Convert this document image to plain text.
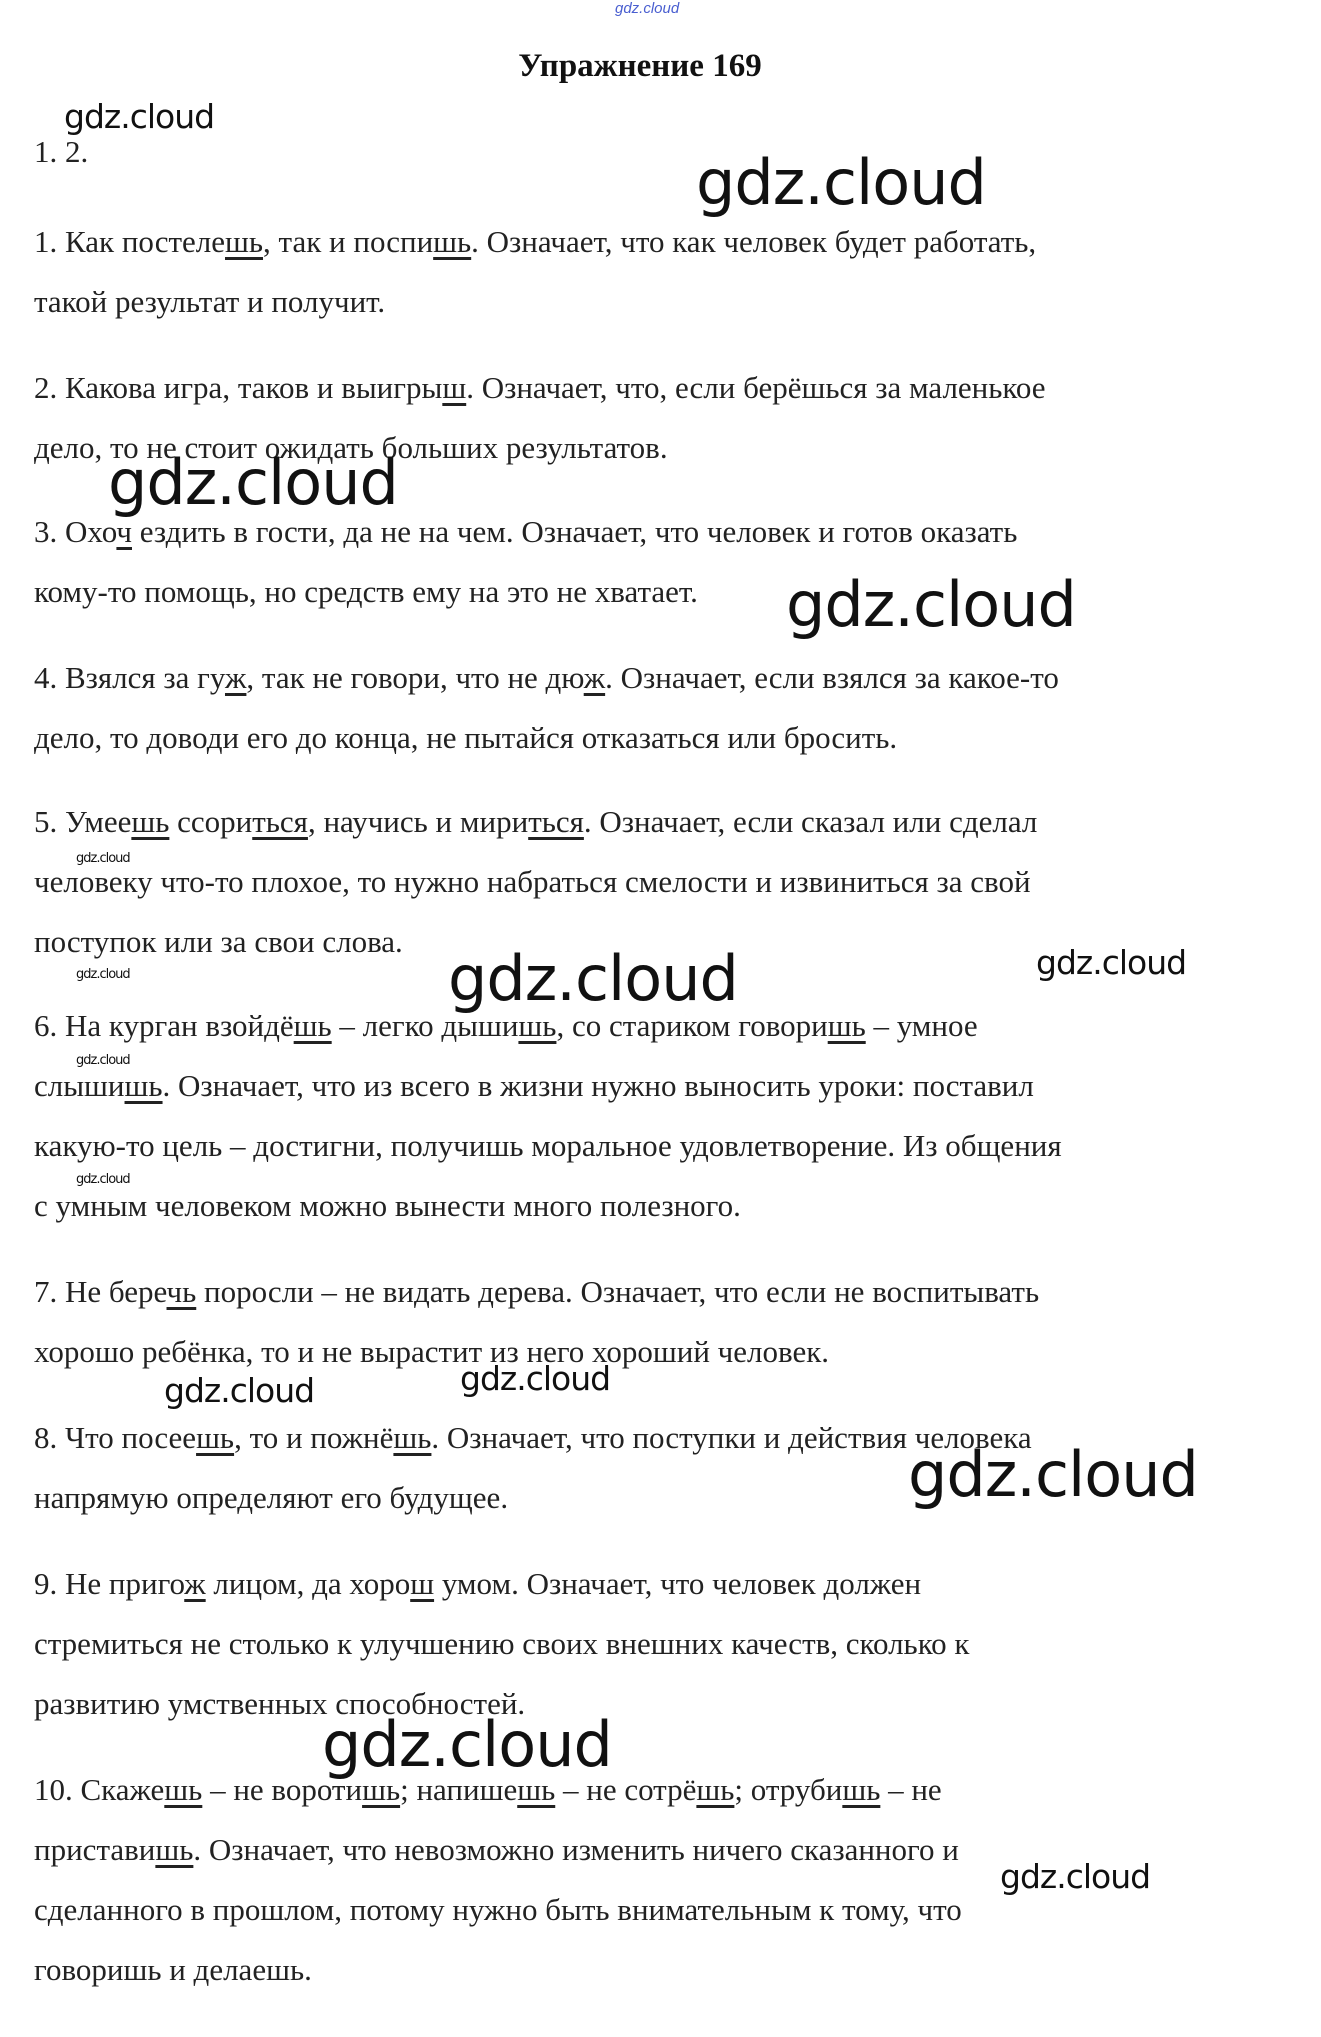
gdz.cloud
Упражнение 169
1. 2.

1. Как постелешь, так и поспишь. Означает, что как человек будет работать,

такой результат и получит.

2. Какова игра, таков и выигрыш. Означает, что, если берёшься за маленькое

дело, то не стоит ожидать больших результатов.

3. Охоч ездить в гости, да не на чем. Означает, что человек и готов оказать

кому-то помощь, но средств ему на это не хватает.

4. Взялся за гуж, так не говори, что не дюж. Означает, если взялся за какое-то

дело, то доводи его до конца, не пытайся отказаться или бросить.

5. Умеешь ссориться, научись и мириться. Означает, если сказал или сделал

человеку что-то плохое, то нужно набраться смелости и извиниться за свой

поступок или за свои слова.

6. На курган взойдёшь – легко дышишь, со стариком говоришь – умное

слышишь. Означает, что из всего в жизни нужно выносить уроки: поставил

какую-то цель – достигни, получишь моральное удовлетворение. Из общения

с умным человеком можно вынести много полезного.

7. Не беречь поросли – не видать дерева. Означает, что если не воспитывать

хорошо ребёнка, то и не вырастит из него хороший человек.

8. Что посеешь, то и пожнёшь. Означает, что поступки и действия человека

напрямую определяют его будущее.

9. Не пригож лицом, да хорош умом. Означает, что человек должен

стремиться не столько к улучшению своих внешних качеств, сколько к

развитию умственных способностей.

10. Скажешь – не воротишь; напишешь – не сотрёшь; отрубишь – не

приставишь. Означает, что невозможно изменить ничего сказанного и

сделанного в прошлом, потому нужно быть внимательным к тому, что

говоришь и делаешь.

gdz.cloud
gdz.cloud
gdz.cloud
gdz.cloud
gdz.cloud
gdz.cloud	gdz.cloud	gdz.cloud
gdz.cloud
gdz.cloud
gdz.cloud	gdz.cloud
gdz.cloud
gdz.cloud
gdz.cloud
